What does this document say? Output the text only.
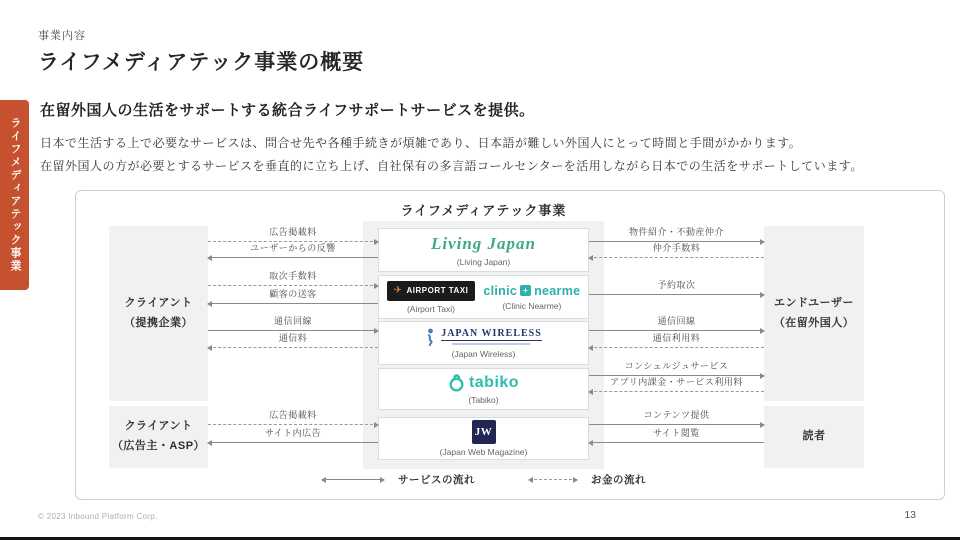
事業内容
ライフメディアテック事業の概要
ライフメディアテック事業
在留外国人の生活をサポートする統合ライフサポートサービスを提供。
日本で生活する上で必要なサービスは、問合せ先や各種手続きが煩雑であり、日本語が難しい外国人にとって時間と手間がかかります。
在留外国人の方が必要とするサービスを垂直的に立ち上げ、自社保有の多言語コールセンターを活用しながら日本での生活をサポートしています。
ライフメディアテック事業
クライアント
（提携企業）
クライアント
（広告主・ASP）
エンドユーザー
（在留外国人）
読者
Living Japan
(Living Japan)
✈ AIRPORT TAXI
(Airport Taxi)
clinic + nearme
(Clinic Nearme)
JAPAN WIRELESS
(Japan Wireless)
tabiko
(Tabiko)
JW
(Japan Web Magazine)
広告掲載料
ユーザーからの反響
取次手数料
顧客の送客
通信回線
通信料
広告掲載料
サイト内広告
物件紹介・不動産仲介
仲介手数料
予約取次
通信回線
通信利用料
コンシェルジュサービス
アプリ内課金・サービス利用料
コンテンツ提供
サイト閲覧
サービスの流れ	お金の流れ
© 2023 Inbound Platform Corp.	13
